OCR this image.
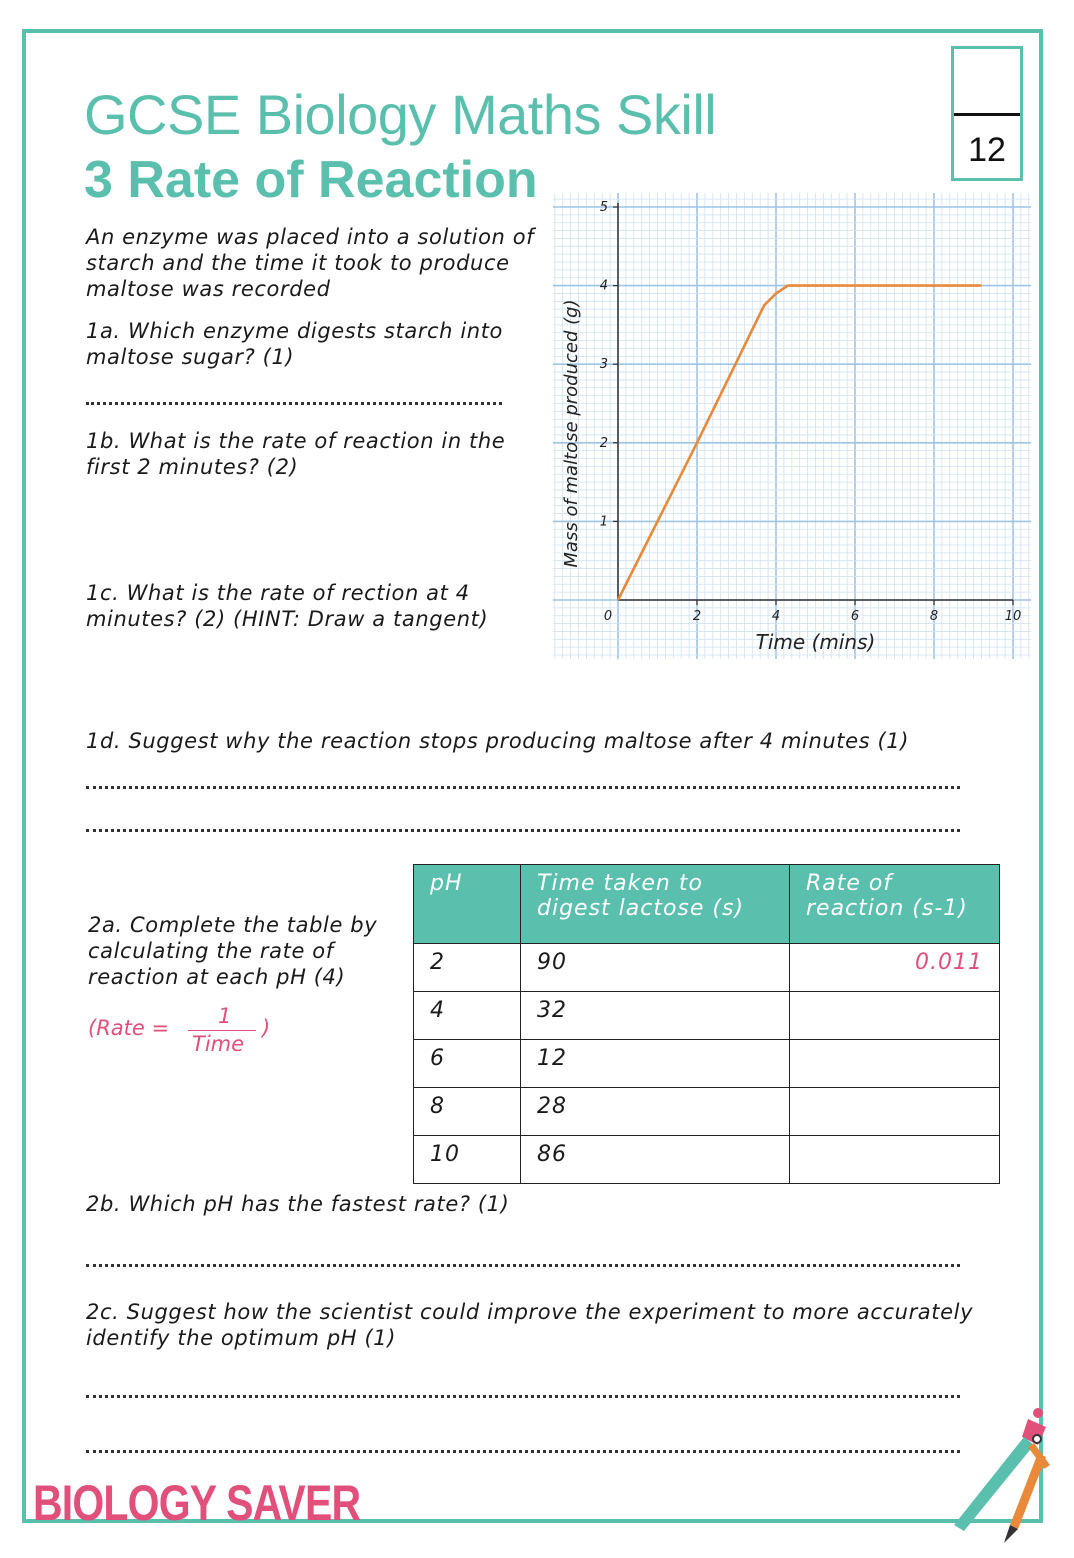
GCSE Biology Maths Skill
3 Rate of Reaction
12
An enzyme was placed into a solution of starch and the time it took to produce maltose was recorded
1a. Which enzyme digests starch into maltose sugar? (1)
1b. What is the rate of reaction in the first 2 minutes? (2)
1c. What is the rate of rection at 4 minutes? (2) (HINT: Draw a tangent)	0	2	4	6	8	10
1
2
3
4
5
Time (mins)
Mass of maltose produced (g)
1d. Suggest why the reaction stops producing maltose after 4 minutes (1)
2a. Complete the table by calculating the rate of reaction at each pH (4)
(Rate = 1
Time
)
pH	Time taken to digest lactose (s)	Rate of reaction (s-1)
2	90	0.011
4	32	
6	12	
8	28	
10	86	
2b. Which pH has the fastest rate? (1)
2c. Suggest how the scientist could improve the experiment to more accurately identify the optimum pH (1)
BIOLOGY SAVER
